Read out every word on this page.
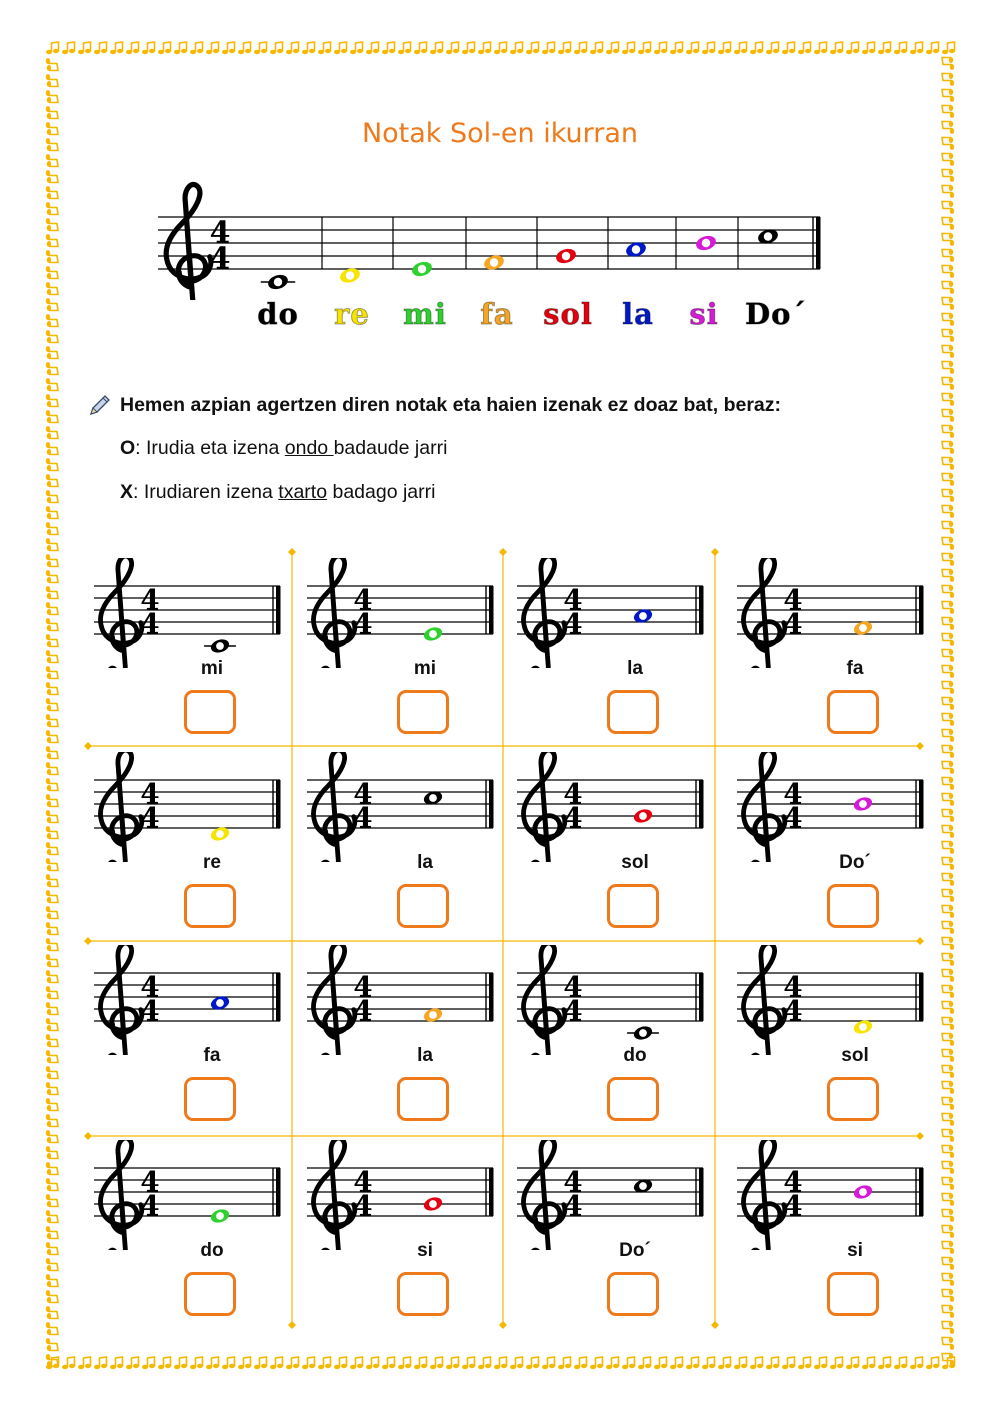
Notak Sol-en ikurran
4
4
do re mi fa sol la si Do´
Hemen azpian agertzen diren notak eta haien izenak ez doaz bat, beraz:
O: Irudia eta izena ondo badaude jarri
X: Irudiaren izena txarto badago jarri
4
4
mi
4
4
mi
4
4
la
4
4
fa
4
4
re
4
4
la
4
4
sol
4
4
Do´
4
4
fa
4
4
la
4
4
do
4
4
sol
4
4
do
4
4
si
4
4
Do´
4
4
si
